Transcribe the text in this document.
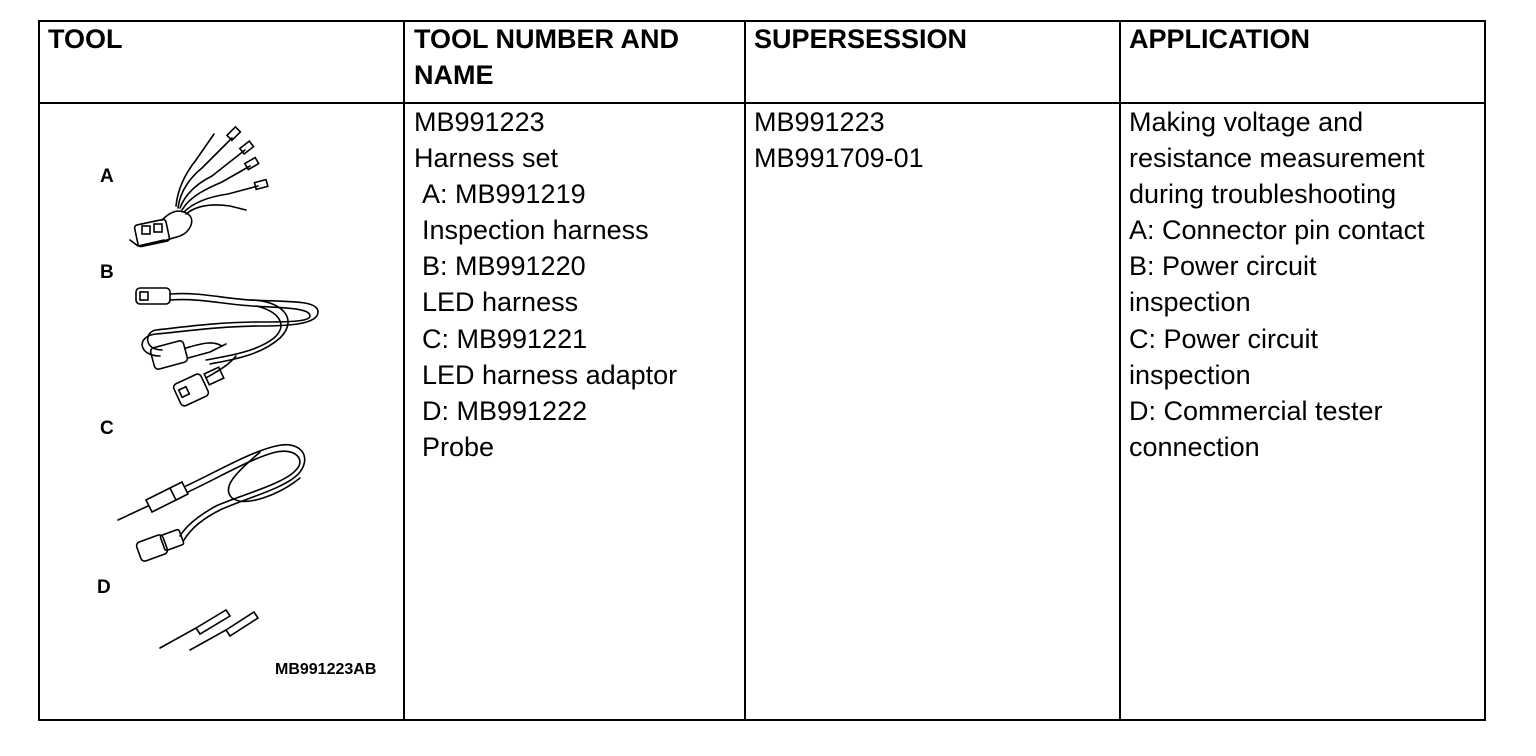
TOOL	TOOL NUMBER AND
NAME
SUPERSESSION	APPLICATION
A
B
C
D
MB991223AB
MB991223
Harness set
A: MB991219
Inspection harness
B: MB991220
LED harness
C: MB991221
LED harness adaptor
D: MB991222
Probe
MB991223
MB991709-01
Making voltage and
resistance measurement
during troubleshooting
A: Connector pin contact
B: Power circuit
inspection
C: Power circuit
inspection
D: Commercial tester
connection
